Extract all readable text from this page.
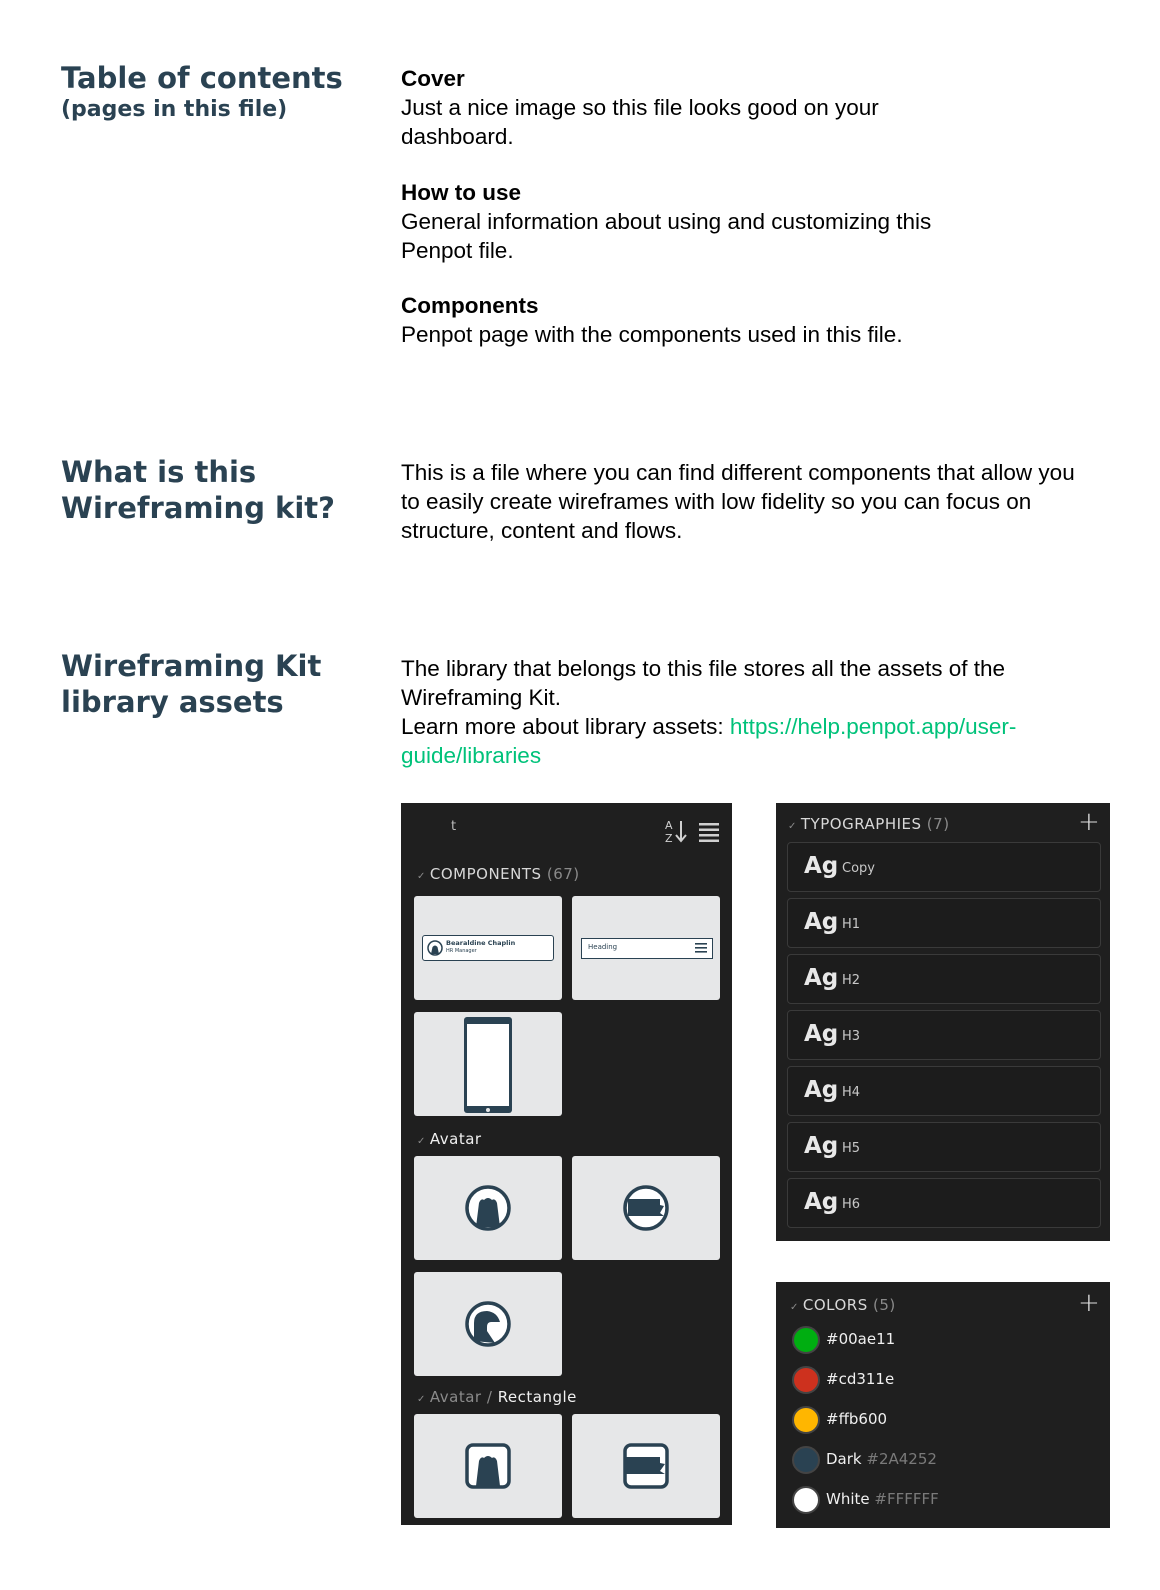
Table of contents
(pages in this file)
What is this
Wireframing kit?
Wireframing Kit
library assets
Cover
Just a nice image so this file looks good on your dashboard.
How to use
General information about using and customizing this Penpot file.
Components
Penpot page with the components used in this file.
This is a file where you can find different components that allow you to easily create wireframes with low fidelity so you can focus on structure, content and flows.
The library that belongs to this file stores all the assets of the Wireframing Kit.
Learn more about library assets: https://help.penpot.app/user-
guide/libraries
t	A
Z
✓ COMPONENTS (67)
Bearaldine Chaplin
HR Manager	Heading
✓ Avatar
✓ Avatar / Rectangle
✓ TYPOGRAPHIES (7)	+
Ag Copy
Ag H1
Ag H2
Ag H3
Ag H4
Ag H5
Ag H6
✓ COLORS (5)	+
#00ae11
#cd311e
#ffb600
Dark #2A4252
White #FFFFFF
